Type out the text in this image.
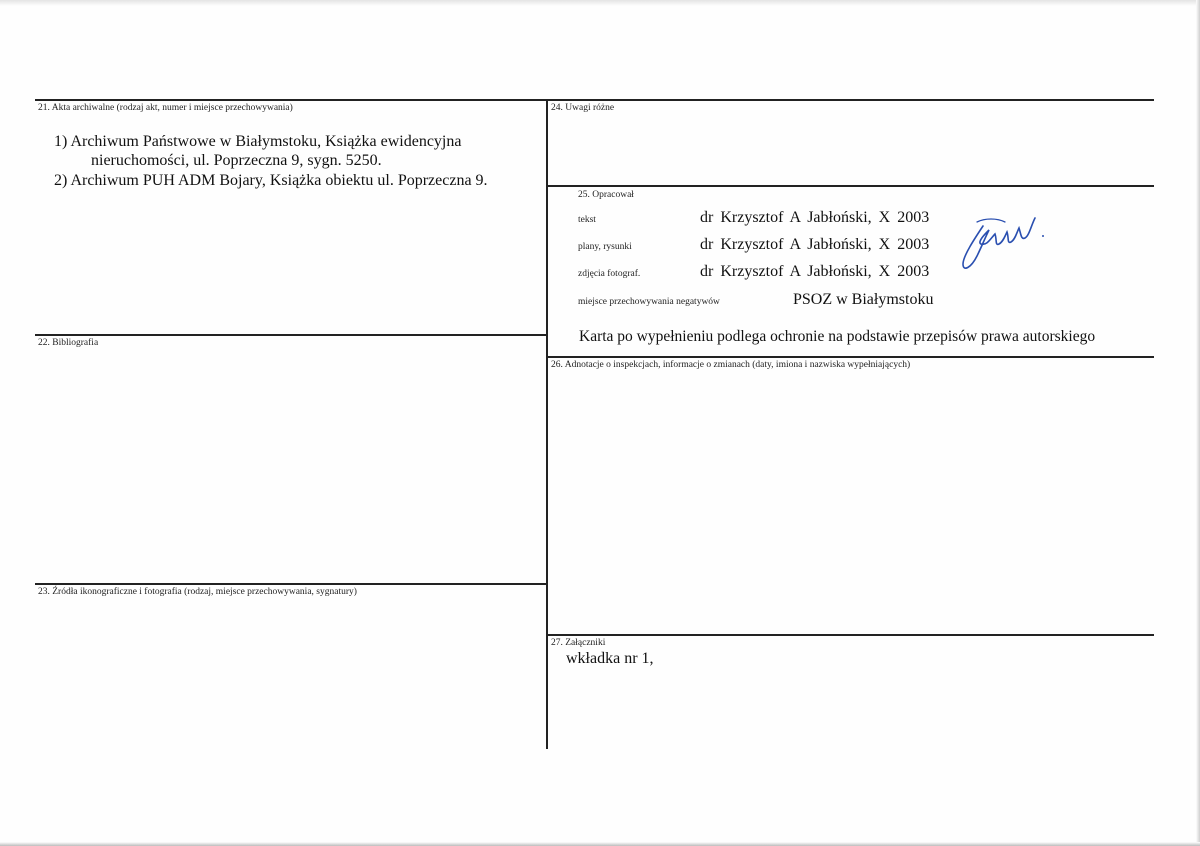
21. Akta archiwalne (rodzaj akt, numer i miejsce przechowywania)
1) Archiwum Państwowe w Białymstoku, Książka ewidencyjna
nieruchomości, ul. Poprzeczna 9, sygn. 5250.
2) Archiwum PUH ADM Bojary, Książka obiektu ul. Poprzeczna 9.
22. Bibliografia
23. Źródła ikonograficzne i fotografia (rodzaj, miejsce przechowywania, sygnatury)
24. Uwagi różne
25. Opracował
tekst	dr Krzysztof A Jabłoński, X 2003
plany, rysunki	dr Krzysztof A Jabłoński, X 2003
zdjęcia fotograf.	dr Krzysztof A Jabłoński, X 2003
miejsce przechowywania negatywów	PSOZ w Białymstoku
Karta po wypełnieniu podlega ochronie na podstawie przepisów prawa autorskiego
26. Adnotacje o inspekcjach, informacje o zmianach (daty, imiona i nazwiska wypełniających)
27. Załączniki
wkładka nr 1,
